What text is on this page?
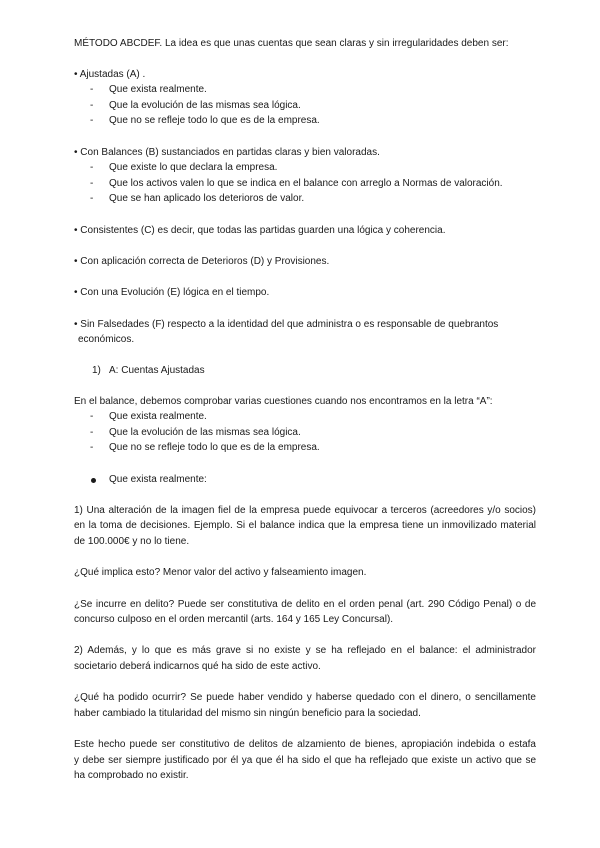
MÉTODO ABCDEF. La idea es que unas cuentas que sean claras y sin irregularidades deben ser:
• Ajustadas (A) .
- Que exista realmente.
- Que la evolución de las mismas sea lógica.
- Que no se refleje todo lo que es de la empresa.
• Con Balances (B) sustanciados en partidas claras y bien valoradas.
- Que existe lo que declara la empresa.
- Que los activos valen lo que se indica en el balance con arreglo a Normas de valoración.
- Que se han aplicado los deterioros de valor.
• Consistentes (C) es decir, que todas las partidas guarden una lógica y coherencia.
• Con aplicación correcta de Deterioros (D) y Provisiones.
• Con una Evolución (E) lógica en el tiempo.
• Sin Falsedades (F) respecto a la identidad del que administra o es responsable de quebrantos
económicos.
1) A: Cuentas Ajustadas
En el balance, debemos comprobar varias cuestiones cuando nos encontramos en la letra “A”:
- Que exista realmente.
- Que la evolución de las mismas sea lógica.
- Que no se refleje todo lo que es de la empresa.
Que exista realmente:
1) Una alteración de la imagen fiel de la empresa puede equivocar a terceros (acreedores y/o socios)
en la toma de decisiones. Ejemplo. Si el balance indica que la empresa tiene un inmovilizado material
de 100.000€ y no lo tiene.
¿Qué implica esto? Menor valor del activo y falseamiento imagen.
¿Se incurre en delito? Puede ser constitutiva de delito en el orden penal (art. 290 Código Penal) o de
concurso culposo en el orden mercantil (arts. 164 y 165 Ley Concursal).
2) Además, y lo que es más grave si no existe y se ha reflejado en el balance: el administrador
societario deberá indicarnos qué ha sido de este activo.
¿Qué ha podido ocurrir? Se puede haber vendido y haberse quedado con el dinero, o sencillamente
haber cambiado la titularidad del mismo sin ningún beneficio para la sociedad.
Este hecho puede ser constitutivo de delitos de alzamiento de bienes, apropiación indebida o estafa
y debe ser siempre justificado por él ya que él ha sido el que ha reflejado que existe un activo que se
ha comprobado no existir.
